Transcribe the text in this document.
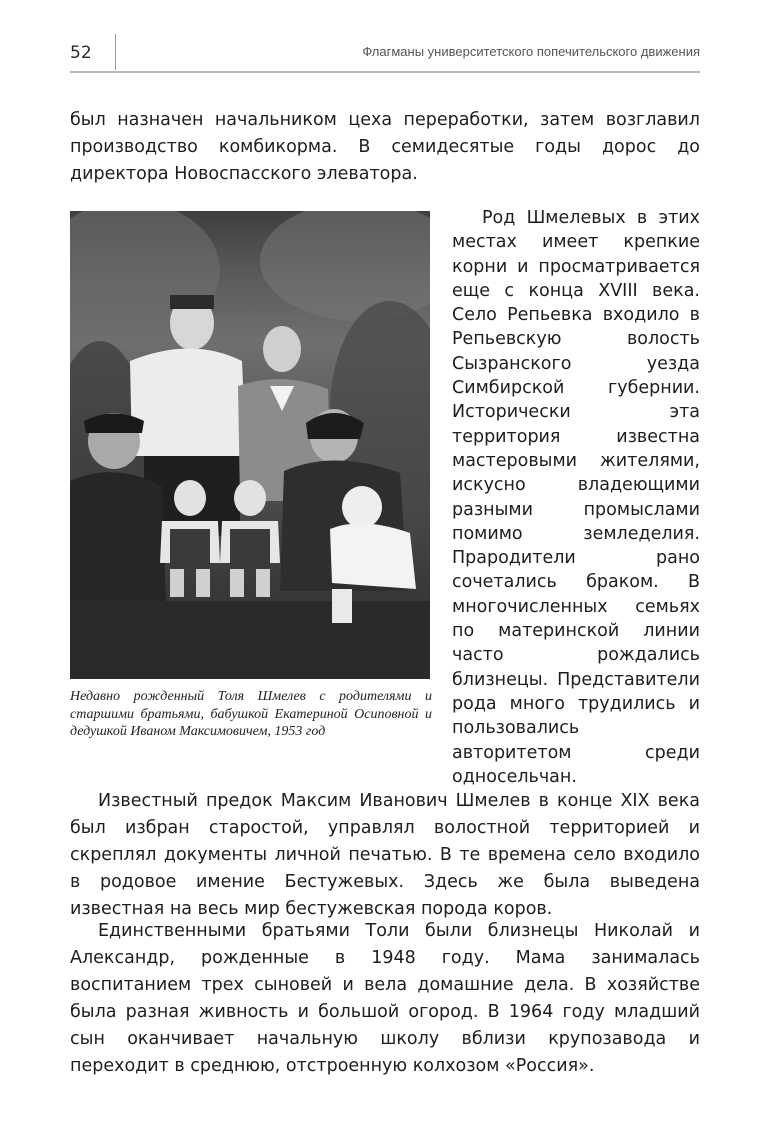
52	Флагманы университетского попечительского движения

был назначен начальником цеха переработки, затем возглавил производство комбикорма. В семидесятые годы дорос до директора Новоспасского элеватора.

Недавно рожденный Толя Шмелев с родителями и старшими братьями, бабушкой Екатериной Осиповной и дедушкой Иваном Максимовичем, 1953 год

Род Шмелевых в этих местах имеет крепкие корни и просматривается еще с конца XVIII века. Село Репьевка входило в Репьевскую волость Сызранского уезда Симбирской губернии. Исторически эта территория известна мастеровыми жителями, искусно владеющими разными промыслами помимо земледелия. Прародители рано сочетались браком. В многочисленных семьях по материнской линии часто рождались близнецы. Представители рода много трудились и пользовались авторитетом среди односельчан.

Известный предок Максим Иванович Шмелев в конце XIX века был избран старостой, управлял волостной территорией и скреплял документы личной печатью. В те времена село входило в родовое имение Бестужевых. Здесь же была выведена известная на весь мир бестужевская порода коров.

Единственными братьями Толи были близнецы Николай и Александр, рожденные в 1948 году. Мама занималась воспитанием трех сыновей и вела домашние дела. В хозяйстве была разная живность и большой огород. В 1964 году младший сын оканчивает начальную школу вблизи крупозавода и переходит в среднюю, отстроенную колхозом «Россия».
